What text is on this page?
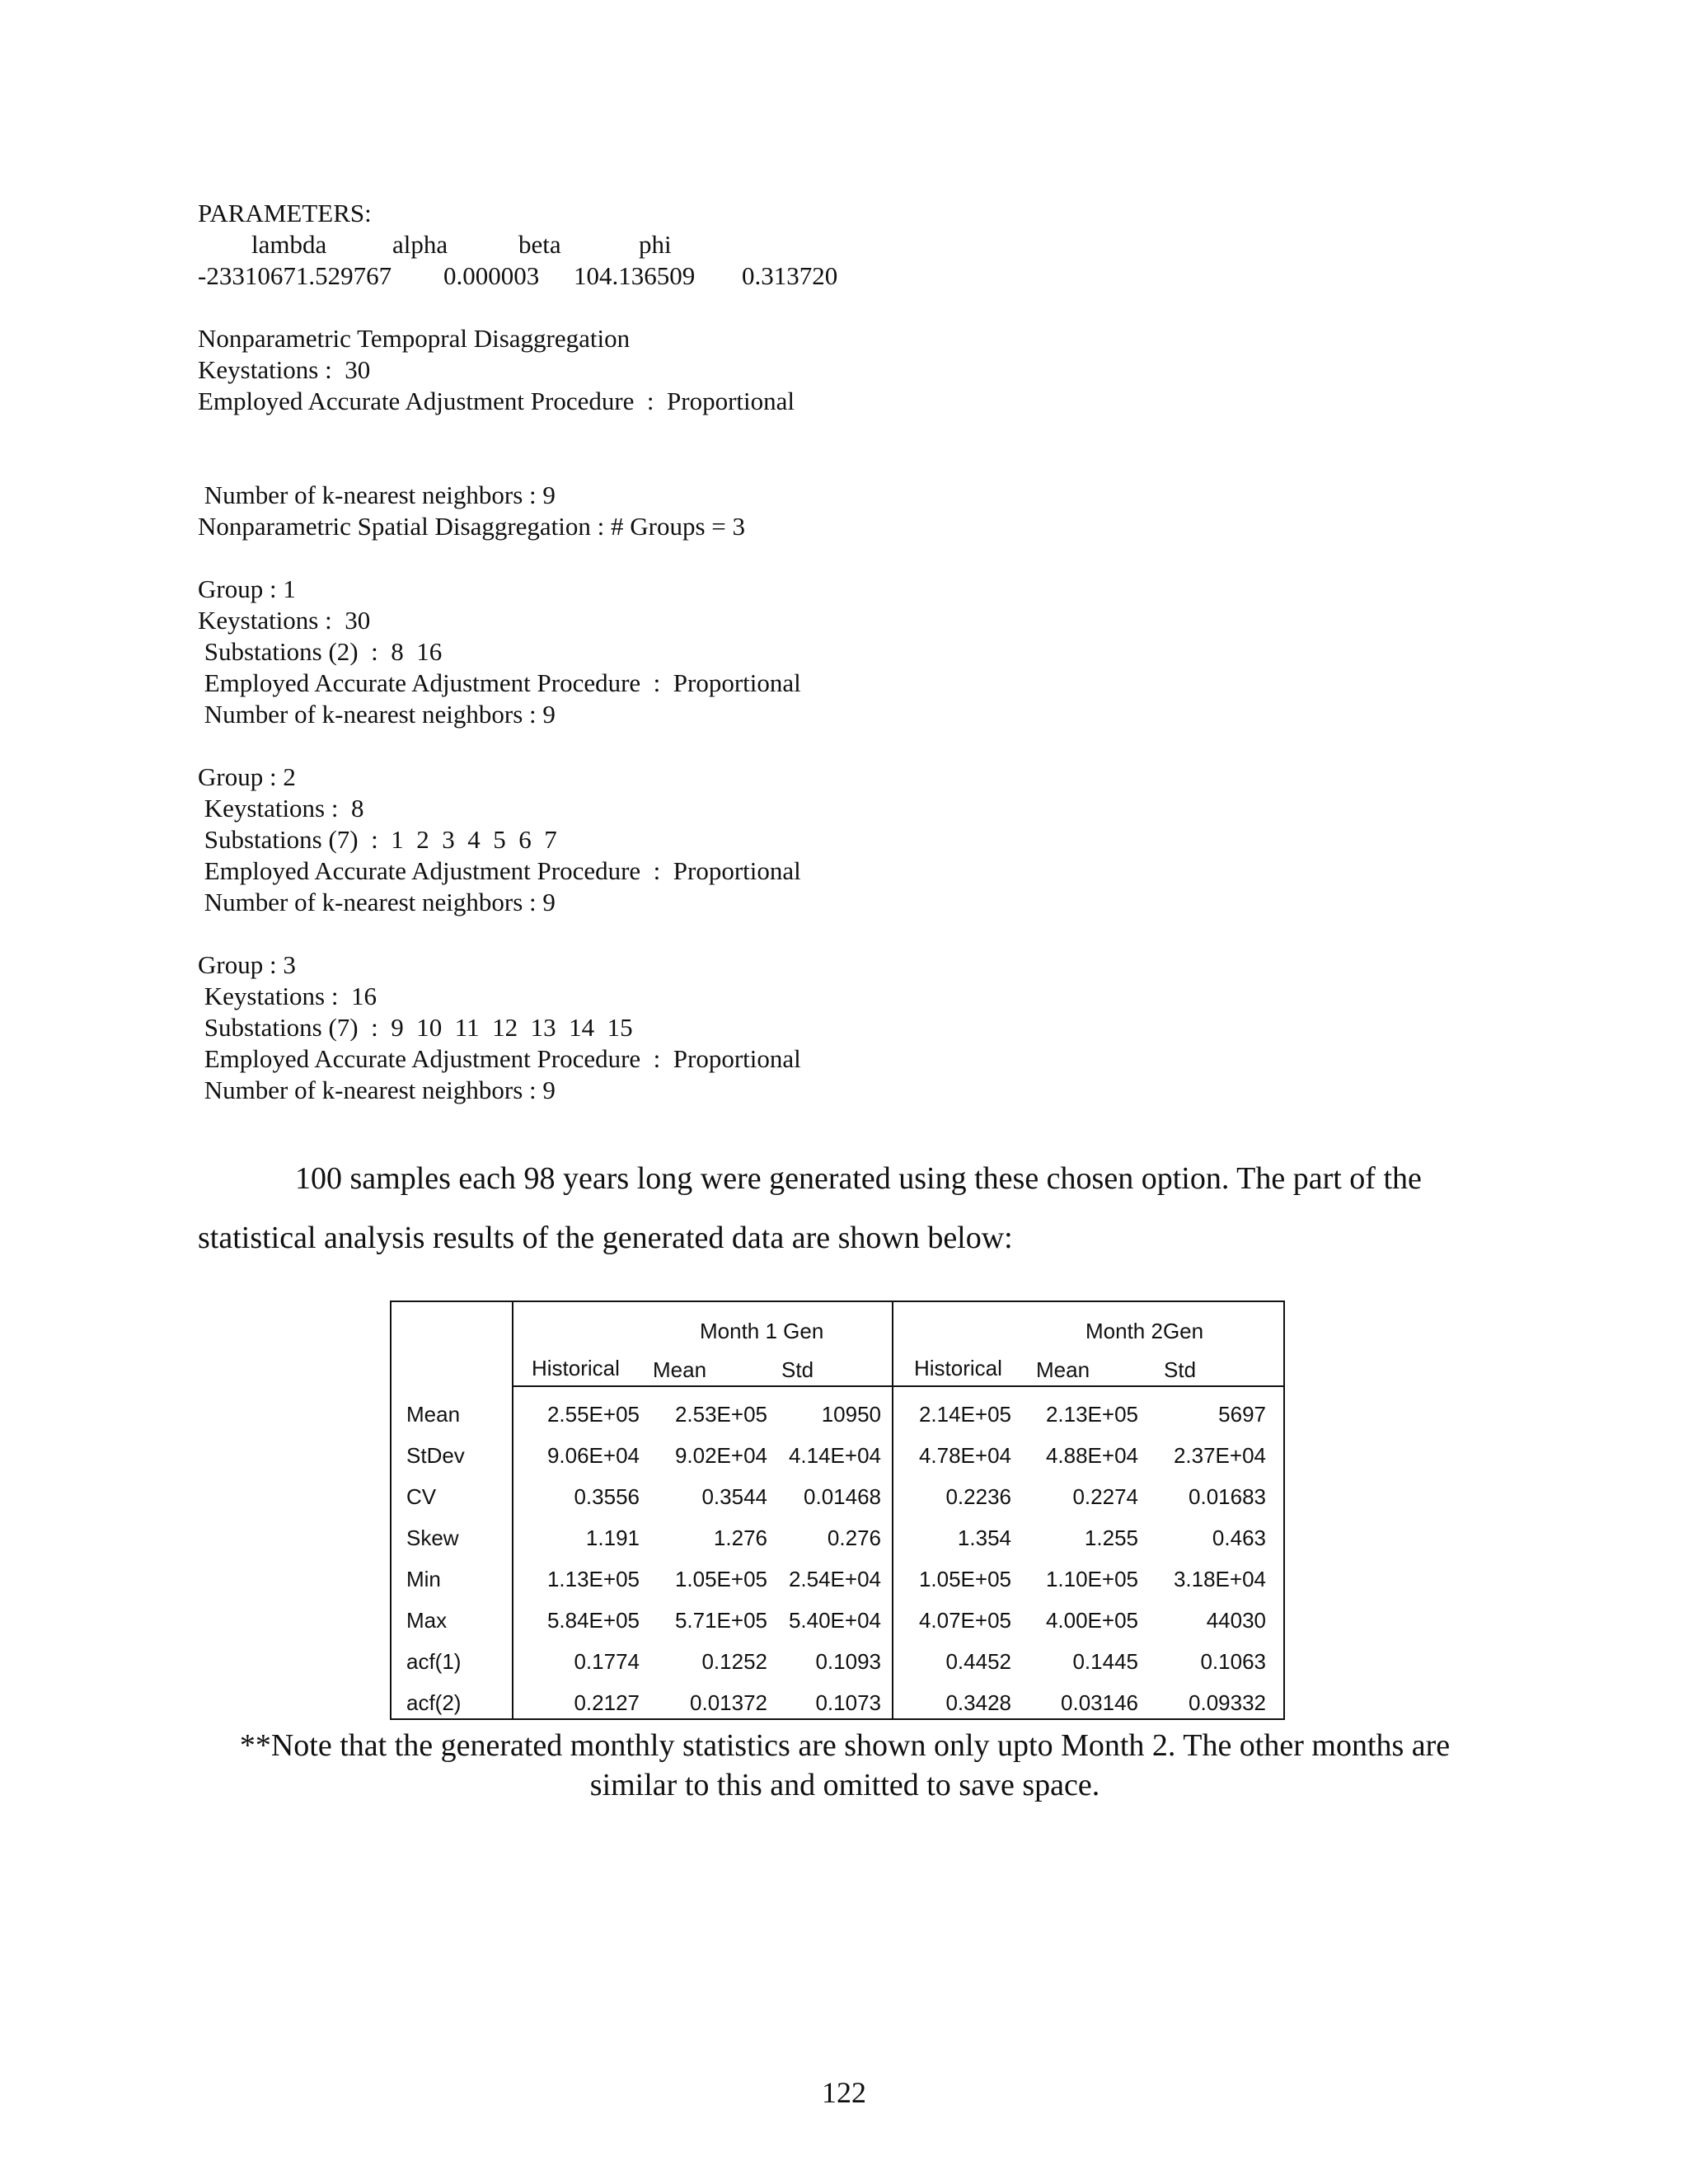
PARAMETERS:
lambda	alpha	beta	phi
-23310671.529767 0.000003 104.136509 0.313720
Nonparametric Tempopral Disaggregation
Keystations :  30
Employed Accurate Adjustment Procedure  :  Proportional
Number of k-nearest neighbors : 9
Nonparametric Spatial Disaggregation : # Groups = 3
Group : 1
Keystations :  30
Substations (2)  :  8  16
Employed Accurate Adjustment Procedure  :  Proportional
Number of k-nearest neighbors : 9
Group : 2
Keystations :  8
Substations (7)  :  1  2  3  4  5  6  7
Employed Accurate Adjustment Procedure  :  Proportional
Number of k-nearest neighbors : 9
Group : 3
Keystations :  16
Substations (7)  :  9  10  11  12  13  14  15
Employed Accurate Adjustment Procedure  :  Proportional
Number of k-nearest neighbors : 9
100 samples each 98 years long were generated using these chosen option. The part of the
statistical analysis results of the generated data are shown below:
Month 1 Gen	Month 2Gen
Historical Mean	Std	Historical Mean	Std
Mean	2.55E+05 2.53E+05	10950 2.14E+05 2.13E+05	5697
StDev	9.06E+04 9.02E+04 4.14E+04 4.78E+04 4.88E+04 2.37E+04
CV	0.3556	0.3544 0.01468	0.2236	0.2274 0.01683
Skew	1.191	1.276	0.276	1.354	1.255	0.463
Min	1.13E+05 1.05E+05 2.54E+04 1.05E+05 1.10E+05 3.18E+04
Max	5.84E+05 5.71E+05 5.40E+04 4.07E+05 4.00E+05	44030
acf(1)	0.1774	0.1252 0.1093	0.4452	0.1445	0.1063
acf(2)	0.2127 0.01372 0.1073	0.3428 0.03146 0.09332
**Note that the generated monthly statistics are shown only upto Month 2. The other months are
similar to this and omitted to save space.
122
